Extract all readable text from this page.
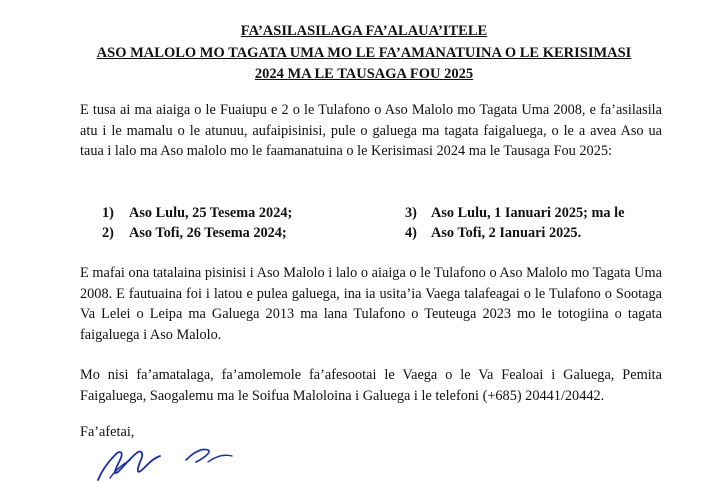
FA’ASILASILAGA FA’ALAUA’ITELE
ASO MALOLO MO TAGATA UMA MO LE FA’AMANATUINA O LE KERISIMASI
2024 MA LE TAUSAGA FOU 2025

E tusa ai ma aiaiga o le Fuaiupu e 2 o le Tulafono o Aso Malolo mo Tagata Uma 2008, e fa’asilasila atu i le mamalu o le atunuu, aufaipisinisi, pule o galuega ma tagata faigaluega, o le a avea Aso ua taua i lalo ma Aso malolo mo le faamanatuina o le Kerisimasi 2024 ma le Tausaga Fou 2025:

1) Aso Lulu, 25 Tesema 2024;
2) Aso Tofi, 26 Tesema 2024;
3) Aso Lulu, 1 Ianuari 2025; ma le
4) Aso Tofi, 2 Ianuari 2025.

E mafai ona tatalaina pisinisi i Aso Malolo i lalo o aiaiga o le Tulafono o Aso Malolo mo Tagata Uma 2008. E fautuaina foi i latou e pulea galuega, ina ia usita’ia Vaega talafeagai o le Tulafono o Sootaga Va Lelei o Leipa ma Galuega 2013 ma lana Tulafono o Teuteuga 2023 mo le totogiina o tagata faigaluega i Aso Malolo.

Mo nisi fa’amatalaga, fa’amolemole fa’afesootai le Vaega o le Va Fealoai i Galuega, Pemita Faigaluega, Saogalemu ma le Soifua Maloloina i Galuega i le telefoni (+685) 20441/20442.

Fa’afetai,
